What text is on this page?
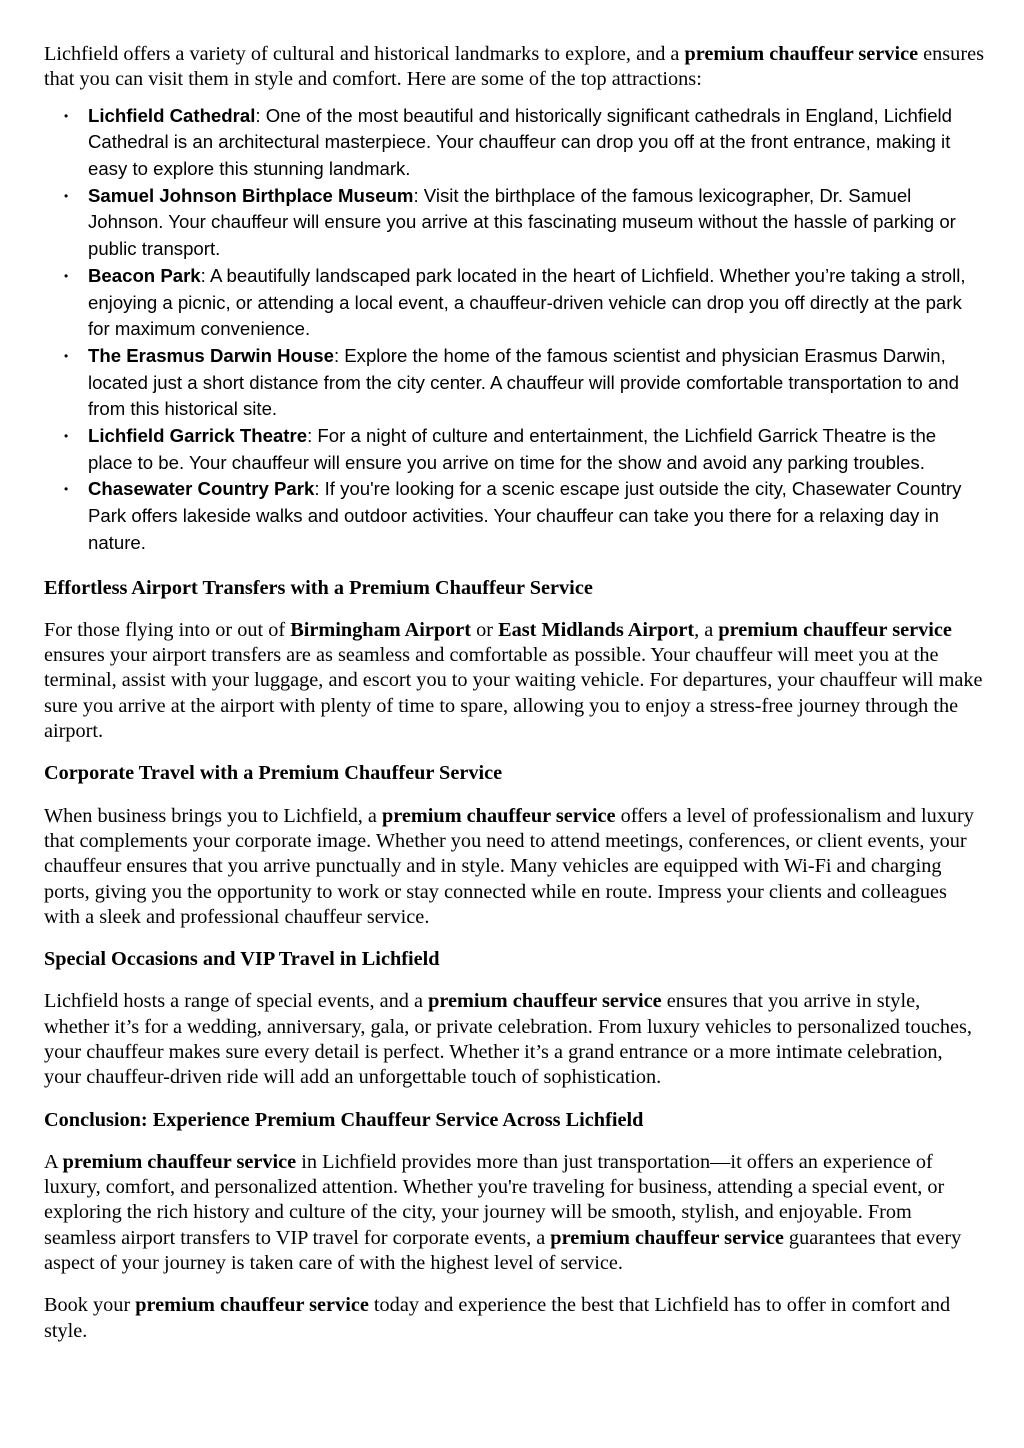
Lichfield offers a variety of cultural and historical landmarks to explore, and a premium chauffeur service ensures that you can visit them in style and comfort. Here are some of the top attractions:

• Lichfield Cathedral: One of the most beautiful and historically significant cathedrals in England, Lichfield Cathedral is an architectural masterpiece. Your chauffeur can drop you off at the front entrance, making it easy to explore this stunning landmark.
• Samuel Johnson Birthplace Museum: Visit the birthplace of the famous lexicographer, Dr. Samuel Johnson. Your chauffeur will ensure you arrive at this fascinating museum without the hassle of parking or public transport.
• Beacon Park: A beautifully landscaped park located in the heart of Lichfield. Whether you’re taking a stroll, enjoying a picnic, or attending a local event, a chauffeur-driven vehicle can drop you off directly at the park for maximum convenience.
• The Erasmus Darwin House: Explore the home of the famous scientist and physician Erasmus Darwin, located just a short distance from the city center. A chauffeur will provide comfortable transportation to and from this historical site.
• Lichfield Garrick Theatre: For a night of culture and entertainment, the Lichfield Garrick Theatre is the place to be. Your chauffeur will ensure you arrive on time for the show and avoid any parking troubles.
• Chasewater Country Park: If you're looking for a scenic escape just outside the city, Chasewater Country Park offers lakeside walks and outdoor activities. Your chauffeur can take you there for a relaxing day in nature.
Effortless Airport Transfers with a Premium Chauffeur Service

For those flying into or out of Birmingham Airport or East Midlands Airport, a premium chauffeur service ensures your airport transfers are as seamless and comfortable as possible. Your chauffeur will meet you at the terminal, assist with your luggage, and escort you to your waiting vehicle. For departures, your chauffeur will make sure you arrive at the airport with plenty of time to spare, allowing you to enjoy a stress-free journey through the airport.

Corporate Travel with a Premium Chauffeur Service

When business brings you to Lichfield, a premium chauffeur service offers a level of professionalism and luxury that complements your corporate image. Whether you need to attend meetings, conferences, or client events, your chauffeur ensures that you arrive punctually and in style. Many vehicles are equipped with Wi-Fi and charging ports, giving you the opportunity to work or stay connected while en route. Impress your clients and colleagues with a sleek and professional chauffeur service.

Special Occasions and VIP Travel in Lichfield

Lichfield hosts a range of special events, and a premium chauffeur service ensures that you arrive in style, whether it’s for a wedding, anniversary, gala, or private celebration. From luxury vehicles to personalized touches, your chauffeur makes sure every detail is perfect. Whether it’s a grand entrance or a more intimate celebration, your chauffeur-driven ride will add an unforgettable touch of sophistication.

Conclusion: Experience Premium Chauffeur Service Across Lichfield

A premium chauffeur service in Lichfield provides more than just transportation—it offers an experience of luxury, comfort, and personalized attention. Whether you're traveling for business, attending a special event, or exploring the rich history and culture of the city, your journey will be smooth, stylish, and enjoyable. From seamless airport transfers to VIP travel for corporate events, a premium chauffeur service guarantees that every aspect of your journey is taken care of with the highest level of service.

Book your premium chauffeur service today and experience the best that Lichfield has to offer in comfort and style.
